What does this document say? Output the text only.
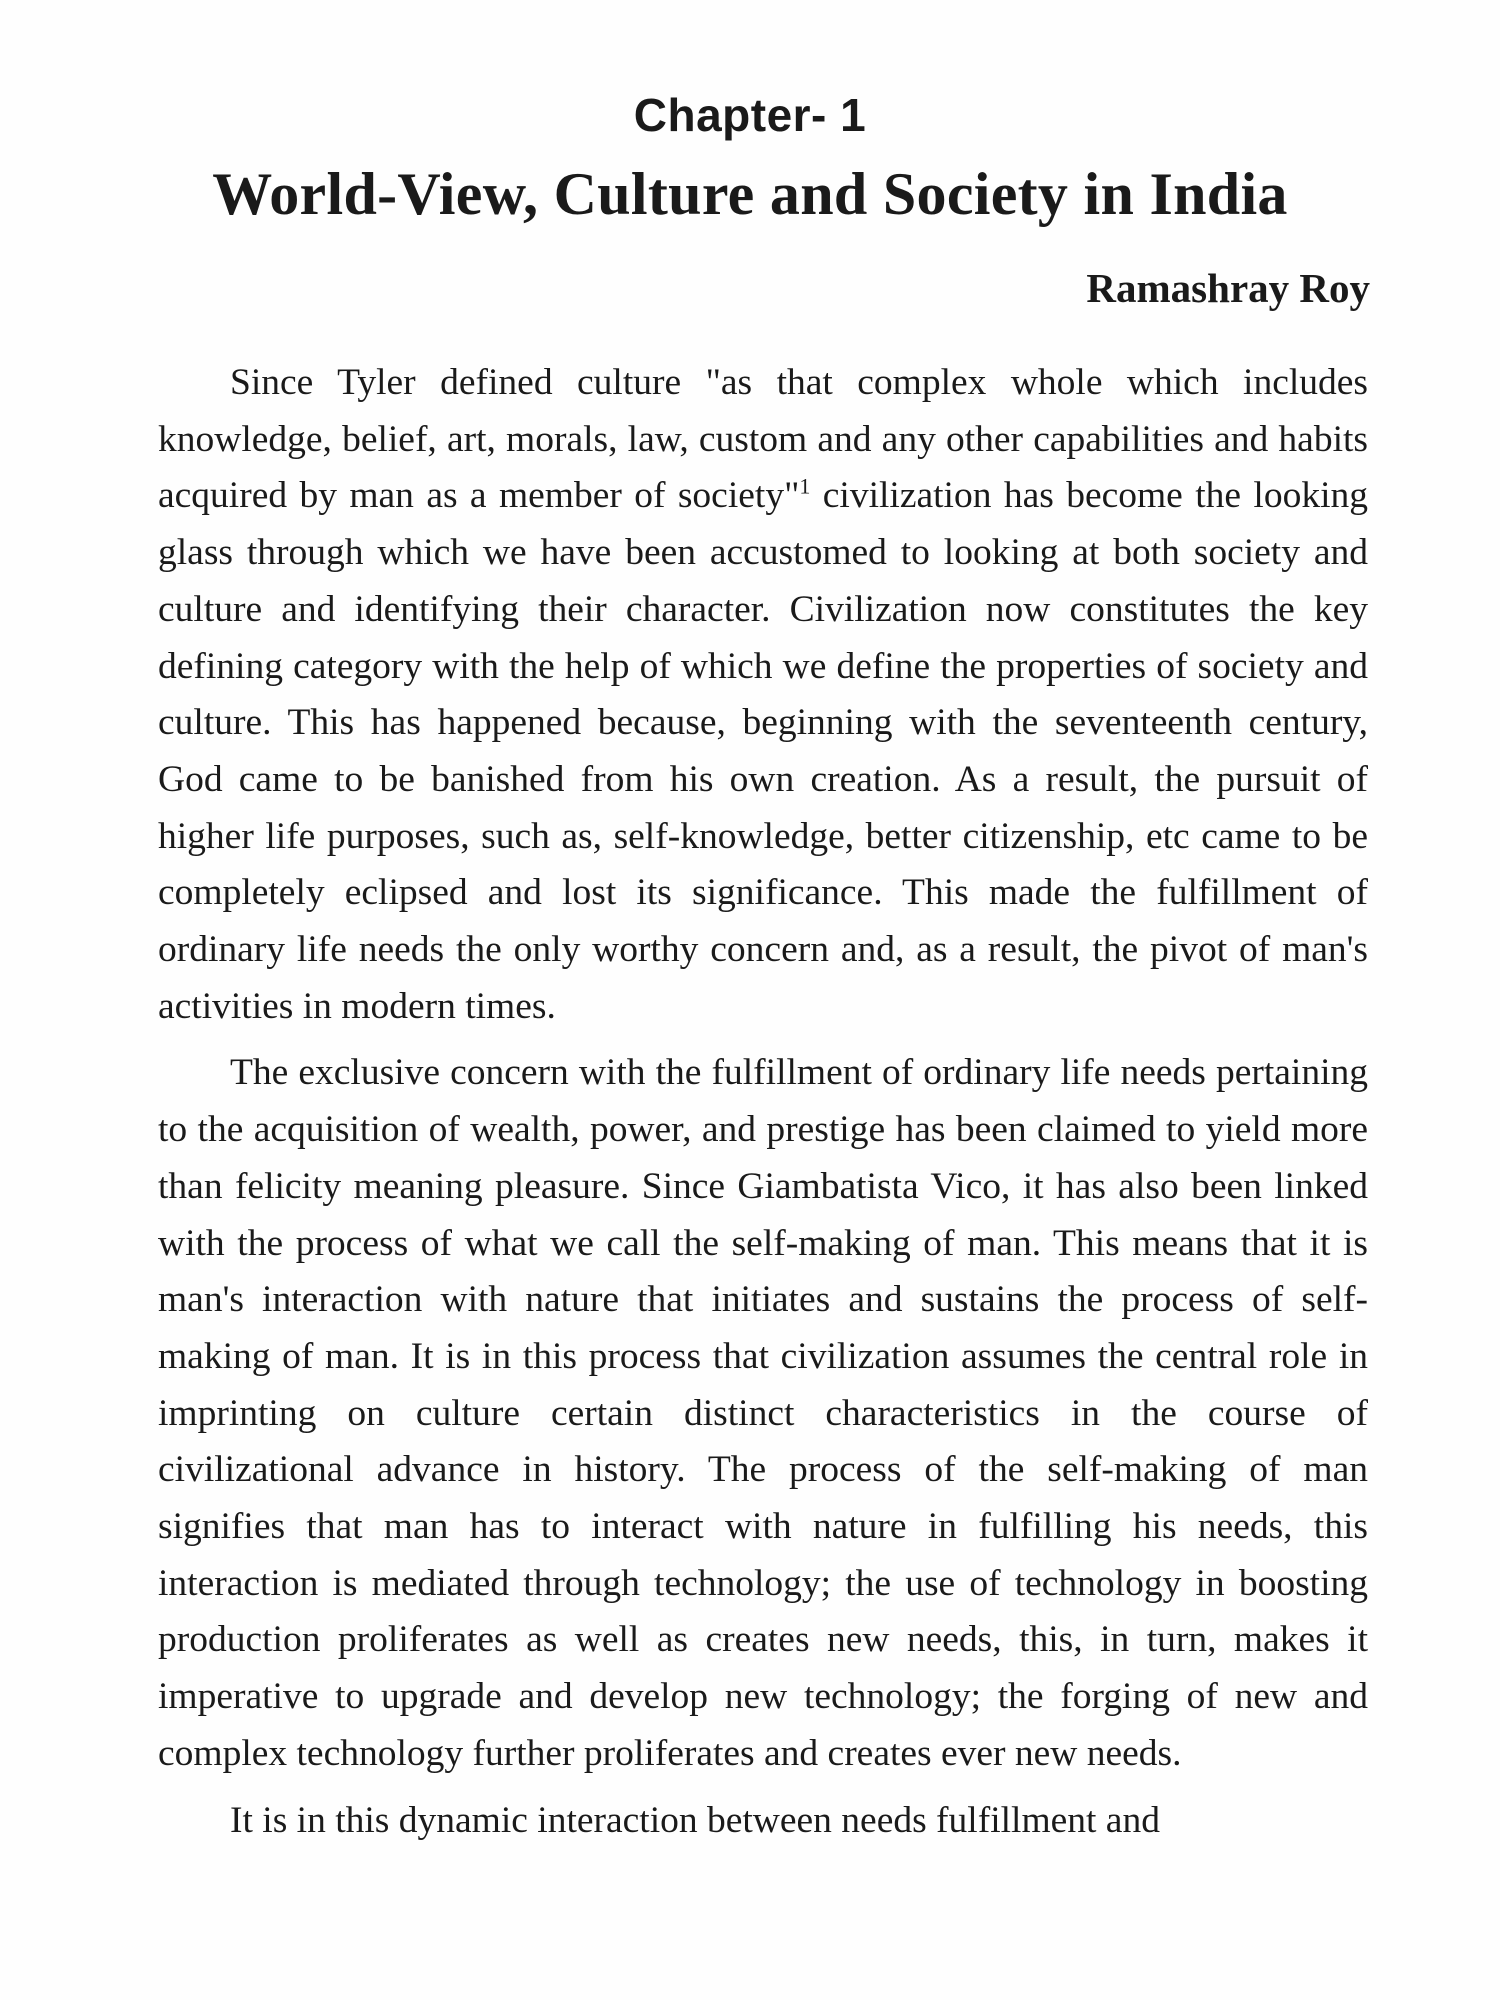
Chapter- 1
World-View, Culture and Society in India
Ramashray Roy

Since Tyler defined culture "as that complex whole which includes knowledge, belief, art, morals, law, custom and any other capabilities and habits acquired by man as a member of society"$^1$ civilization has become the looking glass through which we have been accustomed to looking at both society and culture and identifying their character. Civilization now constitutes the key defining category with the help of which we define the properties of society and culture. This has happened because, beginning with the seventeenth century, God came to be banished from his own creation. As a result, the pursuit of higher life purposes, such as, self-knowledge, better citizenship, etc came to be completely eclipsed and lost its significance. This made the fulfillment of ordinary life needs the only worthy concern and, as a result, the pivot of man's activities in modern times.

The exclusive concern with the fulfillment of ordinary life needs pertaining to the acquisition of wealth, power, and prestige has been claimed to yield more than felicity meaning pleasure. Since Giambatista Vico, it has also been linked with the process of what we call the self-making of man. This means that it is man's interaction with nature that initiates and sustains the process of self-making of man. It is in this process that civilization assumes the central role in imprinting on culture certain distinct characteristics in the course of civilizational advance in history. The process of the self-making of man signifies that man has to interact with nature in fulfilling his needs, this interaction is mediated through technology; the use of technology in boosting production proliferates as well as creates new needs, this, in turn, makes it imperative to upgrade and develop new technology; the forging of new and complex technology further proliferates and creates ever new needs.

It is in this dynamic interaction between needs fulfillment and
